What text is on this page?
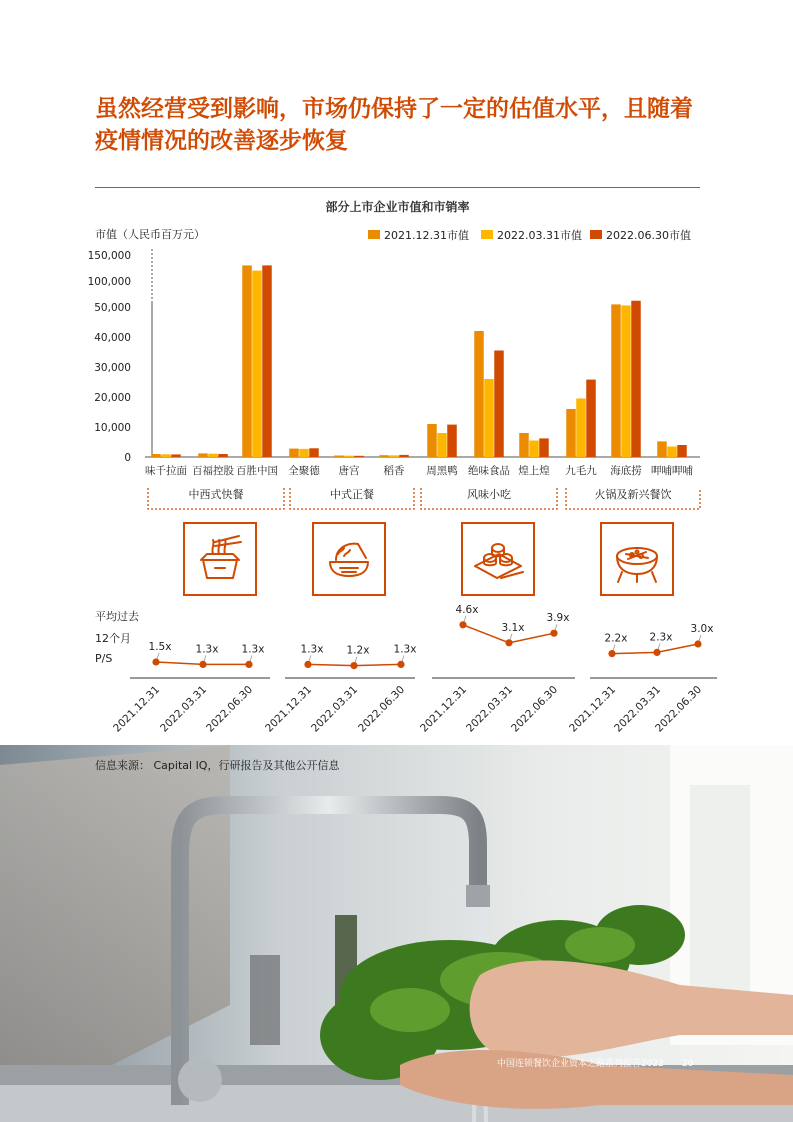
虽然经营受到影响，市场仍保持了一定的估值水平，且随着疫情情况的改善逐步恢复
部分上市企业市值和市销率
市值（人民币百万元）
0
10,000
20,000
30,000
40,000
50,000
100,000
150,000
2021.12.31市值	2022.03.31市值 2022.06.30市值
味千拉面 百福控股 百胜中国 全聚德 唐宫 稻香 周黑鸭 绝味食品 煌上煌 九毛九 海底捞 呷哺呷哺
中西式快餐	中式正餐	风味小吃	火锅及新兴餐饮
1.5x
2021.12.31
1.3x
2022.03.31
1.3x
2022.06.30
1.3x
2021.12.31
1.2x
2022.03.31
1.3x
2022.06.30
4.6x
2021.12.31
3.1x
2022.03.31
3.9x
2022.06.30
2.2x
2021.12.31
2.3x
2022.03.31
3.0x
2022.06.30
平均过去
12个月
P/S
信息来源： Capital IQ，行研报告及其他公开信息
中国连锁餐饮企业资本之路系列报告2022 20
